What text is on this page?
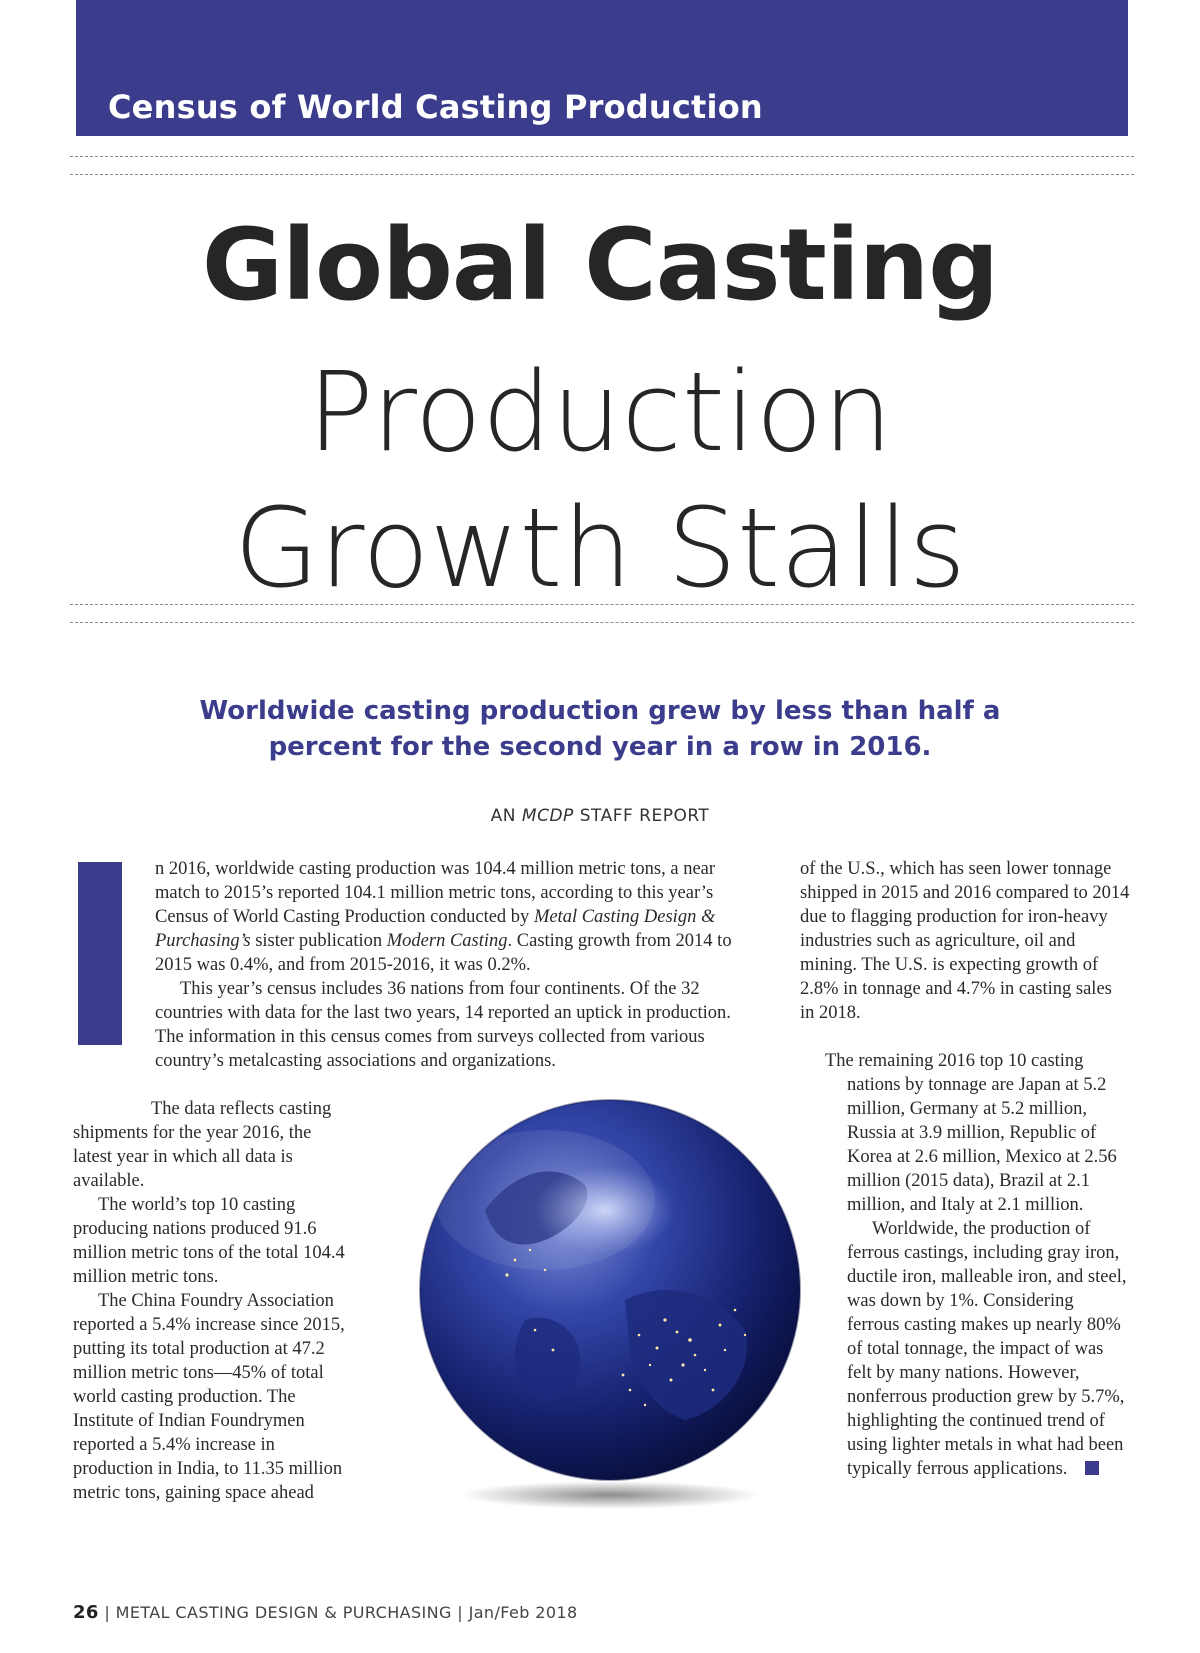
Census of World Casting Production
Global Casting
Production
Growth Stalls

Worldwide casting production grew by less than half a
percent for the second year in a row in 2016.

AN MCDP STAFF REPORT

n 2016, worldwide casting production was 104.4 million metric tons, a near match to 2015’s reported 104.1 million metric tons, according to this year’s Census of World Casting Production conducted by Metal Casting Design & Purchasing’s sister publication Modern Casting. Casting growth from 2014 to 2015 was 0.4%, and from 2015-2016, it was 0.2%.

This year’s census includes 36 nations from four continents. Of the 32 countries with data for the last two years, 14 reported an uptick in production. The information in this census comes from surveys collected from various country’s metalcasting associations and organizations.

The data reflects casting shipments for the year 2016, the latest year in which all data is available.

The world’s top 10 casting producing nations produced 91.6 million metric tons of the total 104.4 million metric tons.

The China Foundry Association reported a 5.4% increase since 2015, putting its total production at 47.2 million metric tons—45% of total world casting production. The Institute of Indian Foundrymen reported a 5.4% increase in production in India, to 11.35 million metric tons, gaining space ahead

of the U.S., which has seen lower tonnage shipped in 2015 and 2016 compared to 2014 due to flagging production for iron-heavy industries such as agriculture, oil and mining. The U.S. is expecting growth of 2.8% in tonnage and 4.7% in casting sales in 2018.

The remaining 2016 top 10 casting nations by tonnage are Japan at 5.2 million, Germany at 5.2 million, Russia at 3.9 million, Republic of Korea at 2.6 million, Mexico at 2.56 million (2015 data), Brazil at 2.1 million, and Italy at 2.1 million.

Worldwide, the production of ferrous castings, including gray iron, ductile iron, malleable iron, and steel, was down by 1%. Considering ferrous casting makes up nearly 80% of total tonnage, the impact of was felt by many nations. However, nonferrous production grew by 5.7%, highlighting the continued trend of using lighter metals in what had been typically ferrous applications.

26 | METAL CASTING DESIGN & PURCHASING | Jan/Feb 2018
